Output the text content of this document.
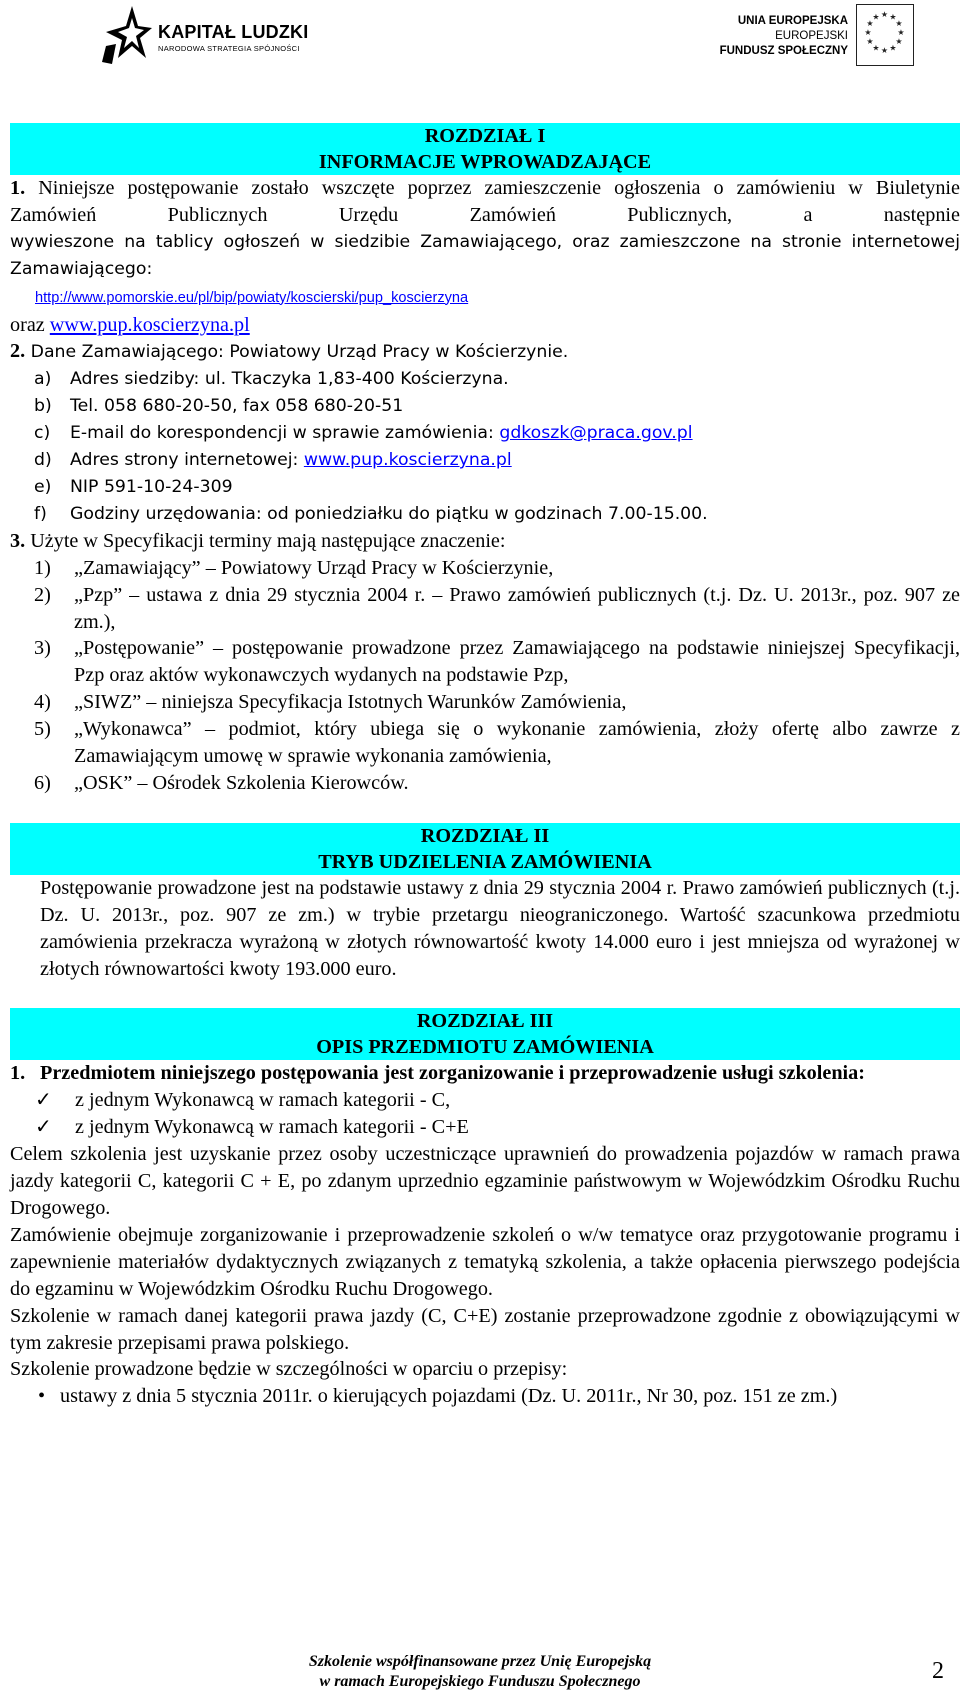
KAPITAŁ LUDZKI
NARODOWA STRATEGIA SPÓJNOŚCI
UNIA EUROPEJSKA
EUROPEJSKI
FUNDUSZ SPOŁECZNY
★ ★
★
★
★
★
★
★
★
★
★
★
ROZDZIAŁ I
INFORMACJE WPROWADZAJĄCE
1. Niniejsze postępowanie zostało wszczęte poprzez zamieszczenie ogłoszenia o zamówieniu w Biuletynie Zamówień Publicznych Urzędu Zamówień Publicznych, a następnie
wywieszone na tablicy ogłoszeń w siedzibie Zamawiającego, oraz zamieszczone na stronie internetowej Zamawiającego:
http://www.pomorskie.eu/pl/bip/powiaty/koscierski/pup_koscierzyna
oraz www.pup.koscierzyna.pl
2. Dane Zamawiającego: Powiatowy Urząd Pracy w Kościerzynie.
a) Adres siedziby: ul. Tkaczyka 1,83-400 Kościerzyna.
b) Tel. 058 680-20-50, fax 058 680-20-51
c) E-mail do korespondencji w sprawie zamówienia: gdkoszk@praca.gov.pl
d) Adres strony internetowej: www.pup.koscierzyna.pl
e) NIP 591-10-24-309
f) Godziny urzędowania: od poniedziałku do piątku w godzinach 7.00-15.00.
3. Użyte w Specyfikacji terminy mają następujące znaczenie:
1)	„Zamawiający” – Powiatowy Urząd Pracy w Kościerzynie,
2)	„Pzp” – ustawa z dnia 29 stycznia 2004 r. – Prawo zamówień publicznych (t.j. Dz. U. 2013r., poz. 907 ze zm.),
3)	„Postępowanie” – postępowanie prowadzone przez Zamawiającego na podstawie niniejszej Specyfikacji, Pzp oraz aktów wykonawczych wydanych na podstawie Pzp,
4)	„SIWZ” – niniejsza Specyfikacja Istotnych Warunków Zamówienia,
5)	„Wykonawca” – podmiot, który ubiega się o wykonanie zamówienia, złoży ofertę albo zawrze z Zamawiającym umowę w sprawie wykonania zamówienia,
6)	„OSK” – Ośrodek Szkolenia Kierowców.
ROZDZIAŁ II
TRYB UDZIELENIA ZAMÓWIENIA
Postępowanie prowadzone jest na podstawie ustawy z dnia 29 stycznia 2004 r. Prawo zamówień publicznych (t.j. Dz. U. 2013r., poz. 907 ze zm.) w trybie przetargu nieograniczonego. Wartość szacunkowa przedmiotu zamówienia przekracza wyrażoną w złotych równowartość kwoty 14.000 euro i jest mniejsza od wyrażonej w złotych równowartości kwoty 193.000 euro.
ROZDZIAŁ III
OPIS PRZEDMIOTU ZAMÓWIENIA
1. Przedmiotem niniejszego postępowania jest zorganizowanie i przeprowadzenie usługi szkolenia:
✓	z jednym Wykonawcą w ramach kategorii - C,
✓	z jednym Wykonawcą w ramach kategorii - C+E
Celem szkolenia jest uzyskanie przez osoby uczestniczące uprawnień do prowadzenia pojazdów w ramach prawa jazdy kategorii C, kategorii C + E, po zdanym uprzednio egzaminie państwowym w Wojewódzkim Ośrodku Ruchu Drogowego.
Zamówienie obejmuje zorganizowanie i przeprowadzenie szkoleń o w/w tematyce oraz przygotowanie programu i zapewnienie materiałów dydaktycznych związanych z tematyką szkolenia, a także opłacenia pierwszego podejścia do egzaminu w Wojewódzkim Ośrodku Ruchu Drogowego.
Szkolenie w ramach danej kategorii prawa jazdy (C, C+E) zostanie przeprowadzone zgodnie z obowiązującymi w tym zakresie przepisami prawa polskiego.
Szkolenie prowadzone będzie w szczególności w oparciu o przepisy:
• ustawy z dnia 5 stycznia 2011r. o kierujących pojazdami (Dz. U. 2011r., Nr 30, poz. 151 ze zm.)
Szkolenie współfinansowane przez Unię Europejską
w ramach Europejskiego Funduszu Społecznego	2
